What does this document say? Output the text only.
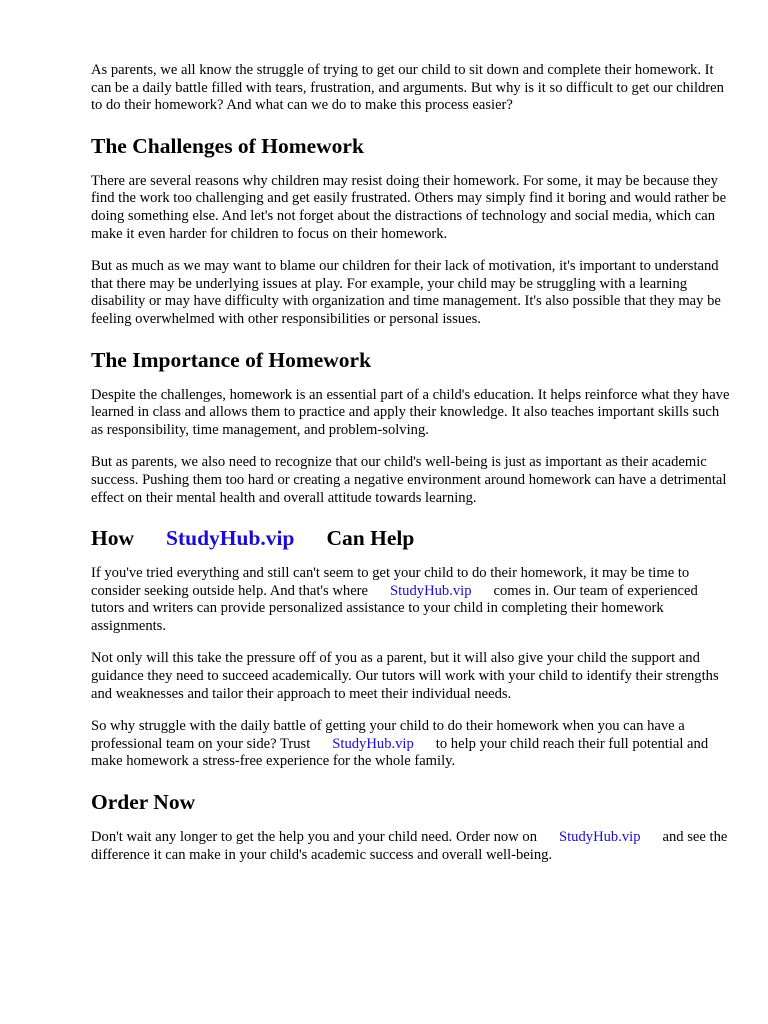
As parents, we all know the struggle of trying to get our child to sit down and complete their homework. It can be a daily battle filled with tears, frustration, and arguments. But why is it so difficult to get our children to do their homework? And what can we do to make this process easier?

The Challenges of Homework

There are several reasons why children may resist doing their homework. For some, it may be because they find the work too challenging and get easily frustrated. Others may simply find it boring and would rather be doing something else. And let's not forget about the distractions of technology and social media, which can make it even harder for children to focus on their homework.

But as much as we may want to blame our children for their lack of motivation, it's important to understand that there may be underlying issues at play. For example, your child may be struggling with a learning disability or may have difficulty with organization and time management. It's also possible that they may be feeling overwhelmed with other responsibilities or personal issues.

The Importance of Homework

Despite the challenges, homework is an essential part of a child's education. It helps reinforce what they have learned in class and allows them to practice and apply their knowledge. It also teaches important skills such as responsibility, time management, and problem-solving.

But as parents, we also need to recognize that our child's well-being is just as important as their academic success. Pushing them too hard or creating a negative environment around homework can have a detrimental effect on their mental health and overall attitude towards learning.

How StudyHub.vip Can Help

If you've tried everything and still can't seem to get your child to do their homework, it may be time to consider seeking outside help. And that's where StudyHub.vip comes in. Our team of experienced tutors and writers can provide personalized assistance to your child in completing their homework assignments.

Not only will this take the pressure off of you as a parent, but it will also give your child the support and guidance they need to succeed academically. Our tutors will work with your child to identify their strengths and weaknesses and tailor their approach to meet their individual needs.

So why struggle with the daily battle of getting your child to do their homework when you can have a professional team on your side? Trust StudyHub.vip to help your child reach their full potential and make homework a stress-free experience for the whole family.

Order Now

Don't wait any longer to get the help you and your child need. Order now on StudyHub.vip and see the difference it can make in your child's academic success and overall well-being.
